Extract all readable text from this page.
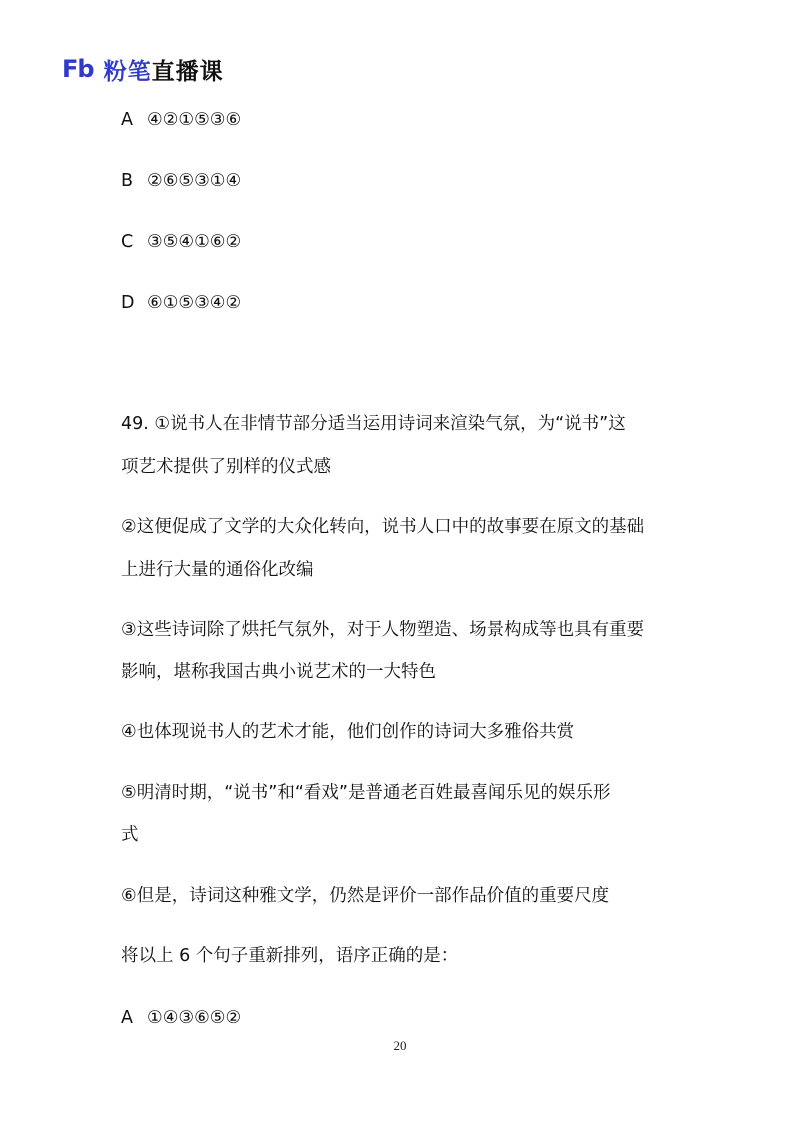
Fb 粉笔 直播课
A ④②①⑤③⑥
B ②⑥⑤③①④
C ③⑤④①⑥②
D ⑥①⑤③④②
49. ①说书人在非情节部分适当运用诗词来渲染气氛，为“说书”这
项艺术提供了别样的仪式感
②这便促成了文学的大众化转向，说书人口中的故事要在原文的基础
上进行大量的通俗化改编
③这些诗词除了烘托气氛外，对于人物塑造、场景构成等也具有重要
影响，堪称我国古典小说艺术的一大特色
④也体现说书人的艺术才能，他们创作的诗词大多雅俗共赏
⑤明清时期，“说书”和“看戏”是普通老百姓最喜闻乐见的娱乐形
式
⑥但是，诗词这种雅文学，仍然是评价一部作品价值的重要尺度
将以上 6 个句子重新排列，语序正确的是：
A ①④③⑥⑤②
20
